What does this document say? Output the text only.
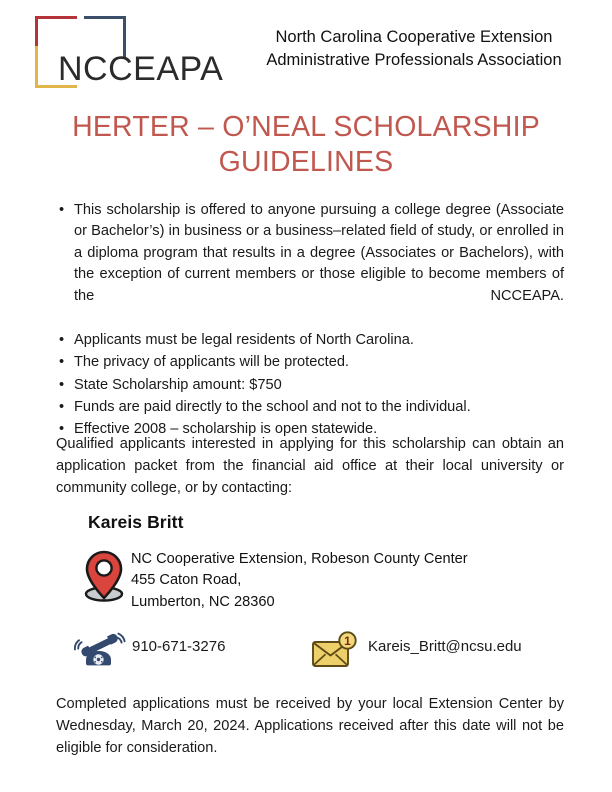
NCCEAPA
North Carolina Cooperative Extension
Administrative Professionals Association
HERTER – O’NEAL SCHOLARSHIP
GUIDELINES
• This scholarship is offered to anyone pursuing a college degree (Associate or Bachelor’s) in business or a business–related field of study, or enrolled in a diploma program that results in a degree (Associates or Bachelors), with the exception of current members or those eligible to become members of the NCCEAPA.
• Applicants must be legal residents of North Carolina.
• The privacy of applicants will be protected.
• State Scholarship amount: $750
• Funds are paid directly to the school and not to the individual.
• Effective 2008 – scholarship is open statewide.
Qualified applicants interested in applying for this scholarship can obtain an application packet from the financial aid office at their local university or community college, or by contacting:
Kareis Britt
NC Cooperative Extension, Robeson County Center
455 Caton Road,
Lumberton, NC 28360
910-671-3276	1 Kareis_Britt@ncsu.edu
Completed applications must be received by your local Extension Center by Wednesday, March 20, 2024. Applications received after this date will not be eligible for consideration.
